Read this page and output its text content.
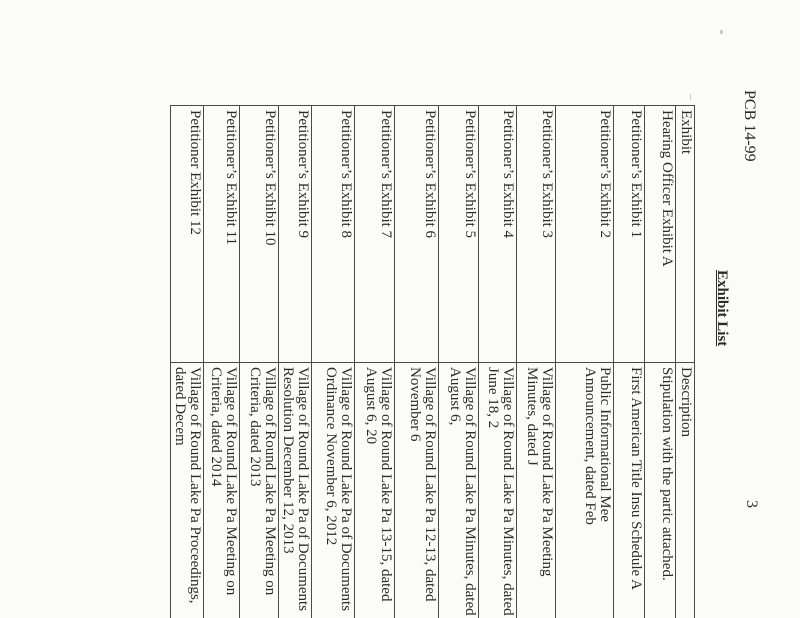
PCB 14-99
3
Exhibit List
Exhibit	Description
Hearing Officer Exhibit A	Stipulation with the partic attached.
Petitioner’s Exhibit 1	First American Title Insu Schedule A
Petitioner’s Exhibit 2	Public Informational Mee Announcement, dated Feb
Petitioner’s Exhibit 3	Village of Round Lake Pa Meeting Minutes, dated J
Petitioner’s Exhibit 4	Village of Round Lake Pa Minutes, dated June 18, 2
Petitioner’s Exhibit 5	Village of Round Lake Pa Minutes, dated August 6,
Petitioner’s Exhibit 6	Village of Round Lake Pa 12-13, dated November 6
Petitioner’s Exhibit 7	Village of Round Lake Pa 13-15, dated August 6, 20
Petitioner’s Exhibit 8	Village of Round Lake Pa of Documents Ordinance November 6, 2012
Petitioner’s Exhibit 9	Village of Round Lake Pa of Documents Resolution December 12, 2013
Petitioner’s Exhibit 10	Village of Round Lake Pa Meeting on Criteria, dated 2013
Petitioner’s Exhibit 11	Village of Round Lake Pa Meeting on Criteria, dated 2014
Petitioner Exhibit 12	Village of Round Lake Pa Proceedings, dated Decem
